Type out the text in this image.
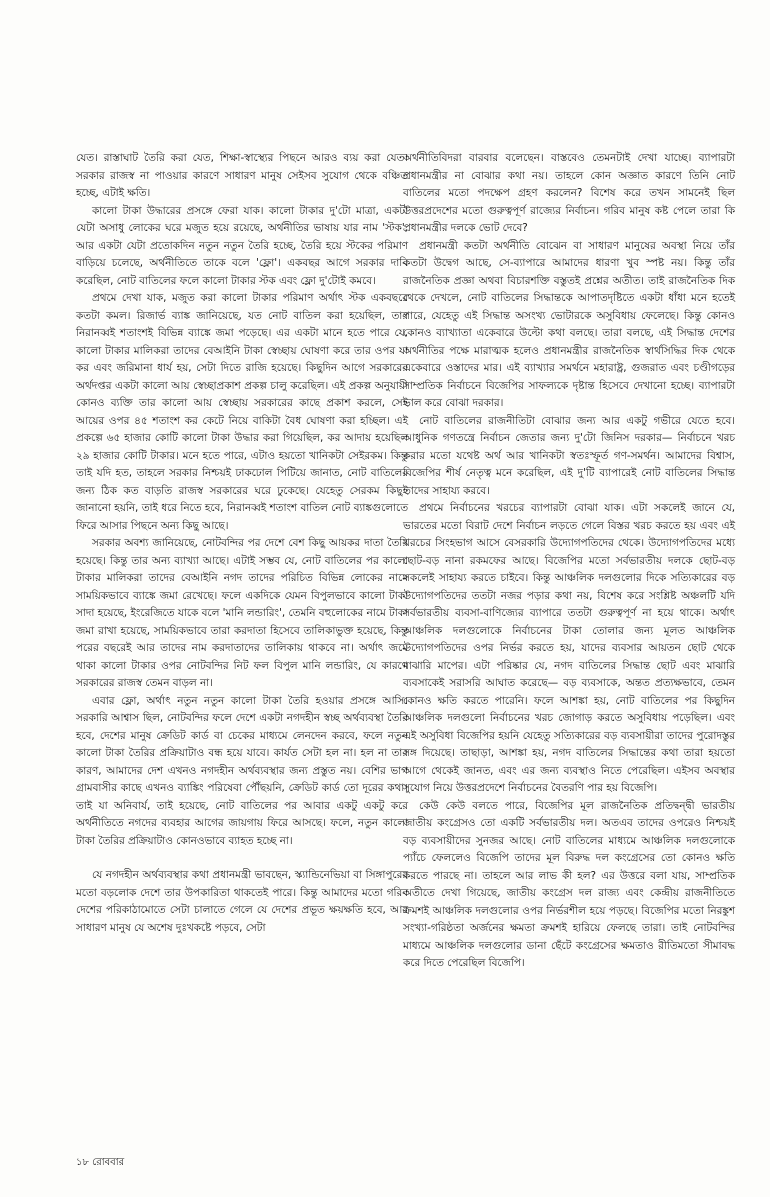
যেত। রাস্তাঘাট তৈরি করা যেত, শিক্ষা-স্বাস্থ্যের পিছনে আরও ব্যয় করা যেত। সরকার রাজস্ব না পাওয়ার কারণে সাধারণ মানুষ সেইসব সুযোগ থেকে বঞ্চিত হচ্ছে, এটাই ক্ষতি।

কালো টাকা উদ্ধারের প্রসঙ্গে ফেরা যাক। কালো টাকার দু'টো মাত্রা, একটা যেটা অসাধু লোকের ঘরে মজুত হয়ে রয়েছে, অর্থনীতির ভাষায় যার নাম 'স্টক', আর একটা যেটা প্রতোকদিন নতুন নতুন তৈরি হচ্ছে, তৈরি হয়ে স্টকের পরিমাণ বাড়িয়ে চলেছে, অর্থনীতিতে তাকে বলে 'ফ্লো'। একবছর আগে সরকার দাবি করেছিল, নোট বাতিলের ফলে কালো টাকার স্টক এবং ফ্লো দু'টোই কমবে।

প্রথমে দেখা যাক, মজুত করা কালো টাকার পরিমাণ অর্থাৎ স্টক একবছরে কতটা কমল। রিজার্ভ ব্যাঙ্ক জানিয়েছে, যত নোট বাতিল করা হয়েছিল, তার নিরানব্বই শতাংশই বিভিন্ন ব্যাঙ্কে জমা পড়েছে। এর একটা মানে হতে পারে যে, কালো টাকার মালিকরা তাদের বেআইনি টাকা স্বেচ্ছায় ঘোষণা করে তার ওপর যা কর এবং জরিমানা ধার্য হয়, সেটা দিতে রাজি হয়েছে। কিছুদিন আগে সরকারের অর্থদপ্তর একটা কালো আয় স্বেচ্ছাপ্রকাশ প্রকল্প চালু করেছিল। এই প্রকল্প অনুযায়ী কোনও ব্যক্তি তার কালো আয় স্বেচ্ছায় সরকারের কাছে প্রকাশ করলে, সেই আয়ের ওপর ৪৫ শতাংশ কর কেটে নিয়ে বাকিটা বৈধ ঘোষণা করা হচ্ছিল। এই প্রকল্পে ৬৫ হাজার কোটি কালো টাকা উদ্ধার করা গিয়েছিল, কর আদায় হয়েছিল ২৯ হাজার কোটি টাকার। মনে হতে পারে, এটাও হয়তো খানিকটা সেইরকম। কিন্তু তাই যদি হত, তাহলে সরকার নিশ্চয়ই ঢাকঢোল পিটিয়ে জানাত, নোট বাতিলের জন্য ঠিক কত বাড়তি রাজস্ব সরকারের ঘরে ঢুকেছে। যেহেতু সেরকম কিছুই জানানো হয়নি, তাই ধরে নিতে হবে, নিরানব্বই শতাংশ বাতিল নোট ব্যাঙ্কগুলোতে ফিরে আসার পিছনে অন্য কিছু আছে।

সরকার অবশ্য জানিয়েছে, নোটবন্দির পর দেশে বেশ কিছু আয়কর দাতা তৈরি হয়েছে। কিন্তু তার অন্য ব্যাখ্যা আছে। এটাই সম্ভব যে, নোট বাতিলের পর কালো টাকার মালিকরা তাদের বেআইনি নগদ তাদের পরিচিত বিভিন্ন লোকের নামে সাময়িকভাবে ব্যাঙ্কে জমা রেখেছে। ফলে একদিকে যেমন বিপুলভাবে কালো টাকা সাদা হয়েছে, ইংরেজিতে যাকে বলে 'মানি লন্ডারিং', তেমনি বহুলোকের নামে টাকা জমা রাখা হয়েছে, সাময়িকভাবে তারা করদাতা হিসেবে তালিকাভুক্ত হয়েছে, কিন্তু পরের বছরেই আর তাদের নাম করদাতাদের তালিকায় থাকবে না। অর্থাৎ জমে থাকা কালো টাকার ওপর নোটবন্দির নিট ফল বিপুল মানি লন্ডারিং, যে কারণে সরকারের রাজস্ব তেমন বাড়ল না।

এবার ফ্লো, অর্থাৎ নতুন নতুন কালো টাকা তৈরি হওয়ার প্রসঙ্গে আসি। সরকারি আশ্বাস ছিল, নোটবন্দির ফলে দেশে একটা নগদহীন স্বচ্ছ অর্থব্যবস্থা তৈরি হবে, দেশের মানুষ ক্রেডিট কার্ড বা চেকের মাধ্যমে লেনদেন করবে, ফলে নতুন কালো টাকা তৈরির প্রক্রিয়াটাও বন্ধ হয়ে যাবে। কার্যত সেটা হল না। হল না তার কারণ, আমাদের দেশ এখনও নগদহীন অর্থব্যবস্থার জন্য প্রস্তুত নয়। বেশির ভাগ গ্রামবাসীর কাছে এখনও ব্যাঙ্কিং পরিষেবা পৌঁছয়নি, ক্রেডিট কার্ড তো দূরের কথা। তাই যা অনিবার্য, তাই হয়েছে, নোট বাতিলের পর আবার একটু একটু করে অর্থনীতিতে নগদের ব্যবহার আগের জায়গায় ফিরে আসছে। ফলে, নতুন কালো টাকা তৈরির প্রক্রিয়াটাও কোনওভাবে ব্যাহত হচ্ছে না।

যে নগদহীন অর্থব্যবস্থার কথা প্রধানমন্ত্রী ভাবছেন, স্ক্যান্ডিনেভিয়া বা সিঙ্গাপুরের মতো বড়লোক দেশে তার উপকারিতা থাকতেই পারে। কিন্তু আমাদের মতো গরিব দেশের পরিকাঠামোতে সেটা চালাতে গেলে যে দেশের প্রভূত ক্ষয়ক্ষতি হবে, আর সাধারণ মানুষ যে অশেষ দুঃখকষ্টে পড়বে, সেটা

অর্থনীতিবিদরা বারবার বলেছেন। বাস্তবেও তেমনটাই দেখা যাচ্ছে। ব্যাপারটা প্রধানমন্ত্রীর না বোঝার কথা নয়। তাহলে কোন অজ্ঞাত কারণে তিনি নোট বাতিলের মতো পদক্ষেপ গ্রহণ করলেন? বিশেষ করে তখন সামনেই ছিল উত্তরপ্রদেশের মতো গুরুত্বপূর্ণ রাজ্যের নির্বাচন। গরিব মানুষ কষ্ট পেলে তারা কি প্রধানমন্ত্রীর দলকে ভোট দেবে?

প্রধানমন্ত্রী কতটা অর্থনীতি বোঝেন বা সাধারণ মানুষের অবস্থা নিয়ে তাঁর কতটা উদ্বেগ আছে, সে-ব্যাপারে আমাদের ধারণা খুব স্পষ্ট নয়। কিন্তু তাঁর রাজনৈতিক প্রজ্ঞা অথবা বিচারশক্তি বস্তুতই প্রশ্নের অতীত। তাই রাজনৈতিক দিক থেকে দেখলে, নোট বাতিলের সিদ্ধান্তকে আপাতদৃষ্টিতে একটা ধাঁধা মনে হতেই পারে, যেহেতু এই সিদ্ধান্ত অসংখ্য ভোটারকে অসুবিধায় ফেলেছে। কিন্তু কোনও কোনও ব্যাখ্যাতা একেবারে উল্টো কথা বলছে। তারা বলছে, এই সিদ্ধান্ত দেশের অর্থনীতির পক্ষে মারাত্মক হলেও প্রধানমন্ত্রীর রাজনৈতিক স্বার্থসিদ্ধির দিক থেকে একেবারে ওস্তাদের মার। এই ব্যাখ্যার সমর্থনে মহারাষ্ট্র, গুজরাত এবং চণ্ডীগড়ের সাম্প্রতিক নির্বাচনে বিজেপির সাফল্যকে দৃষ্টান্ত হিসেবে দেখানো হচ্ছে। ব্যাপারটা ভাল করে বোঝা দরকার।

নোট বাতিলের রাজনীতিটা বোঝার জন্য আর একটু গভীরে যেতে হবে। আধুনিক গণতন্ত্রে নির্বাচন জেতার জন্য দু'টো জিনিস দরকার— নির্বাচনে খরচ করার মতো যথেষ্ট অর্থ আর খানিকটা স্বতঃস্ফূর্ত গণ-সমর্থন। আমাদের বিশ্বাস, বিজেপির শীর্ষ নেতৃত্ব মনে করেছিল, এই দু'টি ব্যাপারেই নোট বাতিলের সিদ্ধান্ত তাদের সাহায্য করবে।

প্রথমে নির্বাচনের খরচের ব্যাপারটা বোঝা যাক। এটা সকলেই জানে যে, ভারতের মতো বিরাট দেশে নির্বাচন লড়তে গেলে বিস্তর খরচ করতে হয় এবং এই খরচের সিংহভাগ আসে বেসরকারি উদ্যোগপতিদের থেকে। উদ্যোগপতিদের মধ্যে ছোট-বড় নানা রকমফের আছে। বিজেপির মতো সর্বভারতীয় দলকে ছোট-বড় সকলেই সাহায্য করতে চাইবে। কিন্তু আঞ্চলিক দলগুলোর দিকে সত্যিকারের বড় উদ্যোগপতিদের ততটা নজর পড়ার কথা নয়, বিশেষ করে সংশ্লিষ্ট অঞ্চলটি যদি সর্বভারতীয় ব্যবসা-বাণিজ্যের ব্যাপারে ততটা গুরুত্বপূর্ণ না হয়ে থাকে। অর্থাৎ আঞ্চলিক দলগুলোকে নির্বাচনের টাকা তোলার জন্য মূলত আঞ্চলিক উদ্যোগপতিদের ওপর নির্ভর করতে হয়, যাদের ব্যবসার আয়তন ছোট থেকে মাঝারি মাপের। এটা পরিষ্কার যে, নগদ বাতিলের সিদ্ধান্ত ছোট এবং মাঝারি ব্যবসাকেই সরাসরি আঘাত করেছে— বড় ব্যবসাকে, অন্তত প্রত্যক্ষভাবে, তেমন কোনও ক্ষতি করতে পারেনি। ফলে আশঙ্কা হয়, নোট বাতিলের পর কিছুদিন আঞ্চলিক দলগুলো নির্বাচনের খরচ জোগাড় করতে অসুবিধায় পড়েছিল। এবং এই অসুবিধা বিজেপির হয়নি যেহেতু সত্যিকারের বড় ব্যবসায়ীরা তাদের পুরোদস্তুর সঙ্গ দিয়েছে। তাছাড়া, আশঙ্কা হয়, নগদ বাতিলের সিদ্ধান্তের কথা তারা হয়তো আগে থেকেই জানত, এবং এর জন্য ব্যবস্থাও নিতে পেরেছিল। এইসব অবস্থার সুযোগ নিয়ে উত্তরপ্রদেশে নির্বাচনের বৈতরণি পার হয় বিজেপি।

কেউ কেউ বলতে পারে, বিজেপির মূল রাজনৈতিক প্রতিদ্বন্দ্বী ভারতীয় জাতীয় কংগ্রেসও তো একটি সর্বভারতীয় দল। অতএব তাদের ওপরেও নিশ্চয়ই বড় ব্যবসায়ীদের সুনজর আছে। নোট বাতিলের মাধ্যমে আঞ্চলিক দলগুলোকে প্যাঁচে ফেললেও বিজেপি তাদের মূল বিরুদ্ধ দল কংগ্রেসের তো কোনও ক্ষতি করতে পারছে না। তাহলে আর লাভ কী হল? এর উত্তরে বলা যায়, সাম্প্রতিক অতীতে দেখা গিয়েছে, জাতীয় কংগ্রেস দল রাজ্য এবং কেন্দ্রীয় রাজনীতিতে ক্রমশই আঞ্চলিক দলগুলোর ওপর নির্ভরশীল হয়ে পড়ছে। বিজেপির মতো নিরঙ্কুশ সংখ্যা-গরিষ্ঠতা অর্জনের ক্ষমতা ক্রমশই হারিয়ে ফেলছে তারা। তাই নোটবন্দির মাধ্যমে আঞ্চলিক দলগুলোর ডানা ছেঁটে কংগ্রেসের ক্ষমতাও রীতিমতো সীমাবদ্ধ করে দিতে পেরেছিল বিজেপি।

১৮ রোববার
